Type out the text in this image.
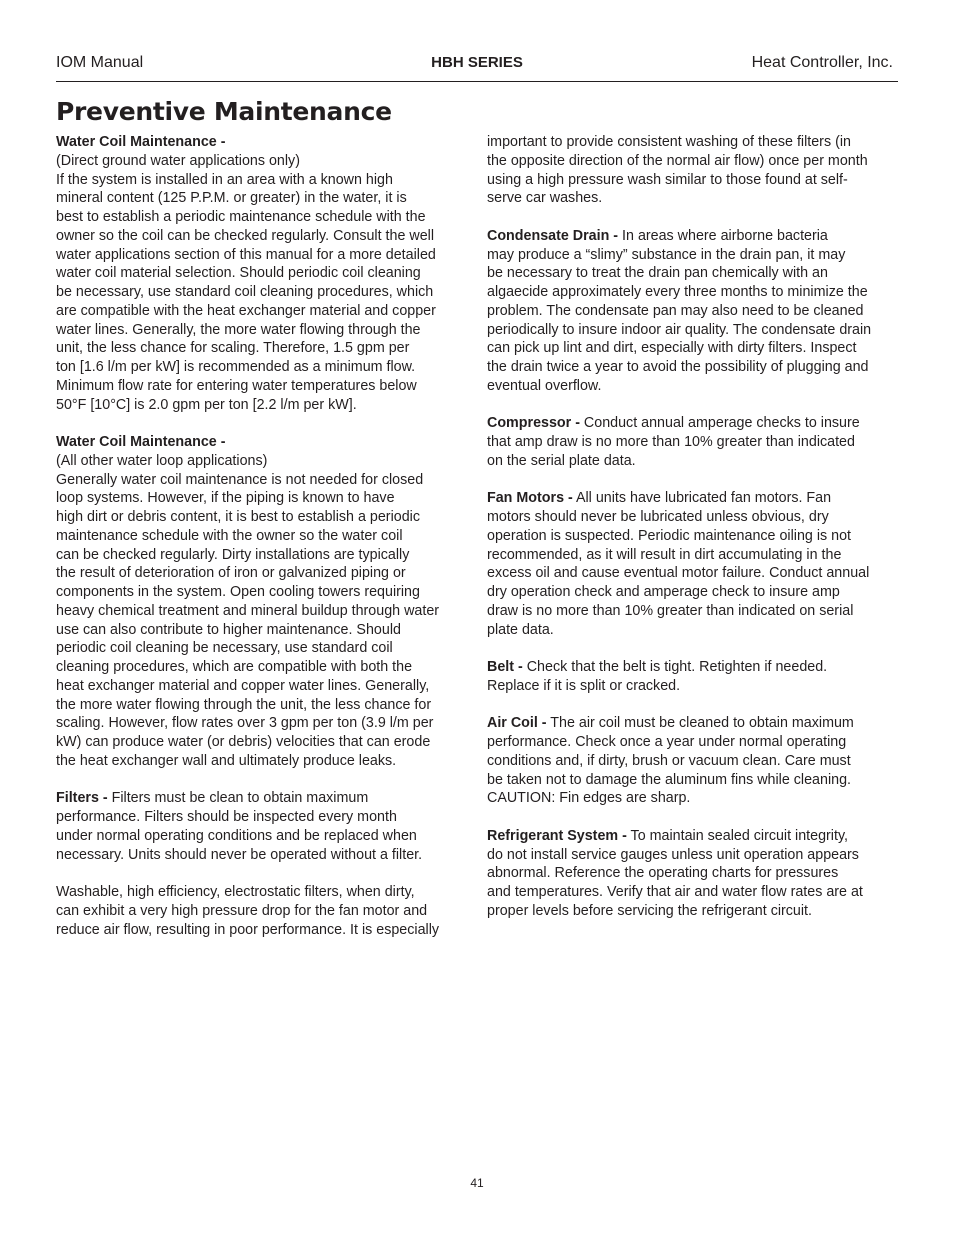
IOM Manual	HBH SERIES	Heat Controller, Inc.
Preventive Maintenance
Water Coil Maintenance -
(Direct ground water applications only)
If the system is installed in an area with a known high
mineral content (125 P.P.M. or greater) in the water, it is
best to establish a periodic maintenance schedule with the
owner so the coil can be checked regularly. Consult the well
water applications section of this manual for a more detailed
water coil material selection. Should periodic coil cleaning
be necessary, use standard coil cleaning procedures, which
are compatible with the heat exchanger material and copper
water lines. Generally, the more water flowing through the
unit, the less chance for scaling. Therefore, 1.5 gpm per
ton [1.6 l/m per kW] is recommended as a minimum flow.
Minimum flow rate for entering water temperatures below
50°F [10°C] is 2.0 gpm per ton [2.2 l/m per kW].
Water Coil Maintenance -
(All other water loop applications)
Generally water coil maintenance is not needed for closed
loop systems. However, if the piping is known to have
high dirt or debris content, it is best to establish a periodic
maintenance schedule with the owner so the water coil
can be checked regularly. Dirty installations are typically
the result of deterioration of iron or galvanized piping or
components in the system. Open cooling towers requiring
heavy chemical treatment and mineral buildup through water
use can also contribute to higher maintenance. Should
periodic coil cleaning be necessary, use standard coil
cleaning procedures, which are compatible with both the
heat exchanger material and copper water lines. Generally,
the more water flowing through the unit, the less chance for
scaling. However, flow rates over 3 gpm per ton (3.9 l/m per
kW) can produce water (or debris) velocities that can erode
the heat exchanger wall and ultimately produce leaks.
Filters - Filters must be clean to obtain maximum
performance. Filters should be inspected every month
under normal operating conditions and be replaced when
necessary. Units should never be operated without a filter.
Washable, high efficiency, electrostatic filters, when dirty,
can exhibit a very high pressure drop for the fan motor and
reduce air flow, resulting in poor performance. It is especially
important to provide consistent washing of these filters (in
the opposite direction of the normal air flow) once per month
using a high pressure wash similar to those found at self-
serve car washes.
Condensate Drain - In areas where airborne bacteria
may produce a “slimy” substance in the drain pan, it may
be necessary to treat the drain pan chemically with an
algaecide approximately every three months to minimize the
problem. The condensate pan may also need to be cleaned
periodically to insure indoor air quality. The condensate drain
can pick up lint and dirt, especially with dirty filters. Inspect
the drain twice a year to avoid the possibility of plugging and
eventual overflow.
Compressor - Conduct annual amperage checks to insure
that amp draw is no more than 10% greater than indicated
on the serial plate data.
Fan Motors - All units have lubricated fan motors. Fan
motors should never be lubricated unless obvious, dry
operation is suspected. Periodic maintenance oiling is not
recommended, as it will result in dirt accumulating in the
excess oil and cause eventual motor failure. Conduct annual
dry operation check and amperage check to insure amp
draw is no more than 10% greater than indicated on serial
plate data.
Belt - Check that the belt is tight. Retighten if needed.
Replace if it is split or cracked.
Air Coil - The air coil must be cleaned to obtain maximum
performance. Check once a year under normal operating
conditions and, if dirty, brush or vacuum clean. Care must
be taken not to damage the aluminum fins while cleaning.
CAUTION: Fin edges are sharp.
Refrigerant System - To maintain sealed circuit integrity,
do not install service gauges unless unit operation appears
abnormal. Reference the operating charts for pressures
and temperatures. Verify that air and water flow rates are at
proper levels before servicing the refrigerant circuit.
41
